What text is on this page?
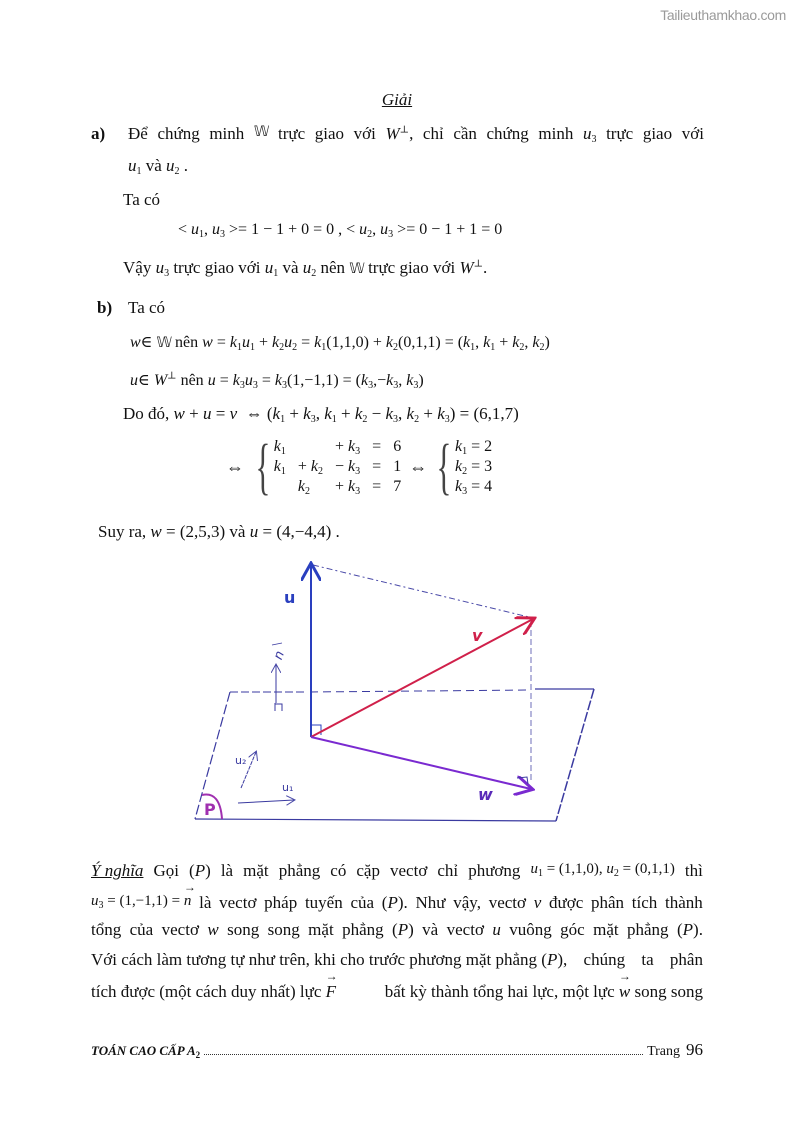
Tailieuthamkhao.com
Giải
a) Để chứng minh 𝕎 trực giao với W⊥, chỉ cần chứng minh $u_3$ trực giao với
$u_1$ và $u_2$ .
Ta có
< $u_1$, $u_3 >= 1 - 1 + 0 = 0$ , < $u_2$, $u_3 >= 0 - 1 + 1 = 0$
Vậy $u_3$ trực giao với $u_1$ và $u_2$ nên 𝕎 trực giao với W⊥.
b) Ta có
w∈ 𝕎 nên $w = k_1u_1 + k_2u_2 = k_1(1,1,0) + k_2(0,1,1) = (k_1$, $k_1 + k_2$, $k_2$)
u∈ W⊥ nên $u = k_3u_3 = k_3(1,-1,1) = (k_3,-k_3$, $k_3$)
Do đó, w + u = v  ⇔ ($k_1 + k_3$, $k_1 + k_2 - k_3$, $k_2 + k_3) = (6,1,7)$
⇔ { $k_1$		+ $k_3$	=	6
$k_1$	+ $k_2$	− $k_3$	=	1
	$k_2$	+ $k_3$	=	7
⇔ { $k_1 = 2$
$k_2 = 3$
$k_3 = 4$
Suy ra, w = (2,5,3) và u = (4,−4,4) .
u
v
w
n
u₂
u₁
P
Ý nghĩa Gọi (P) là mặt phẳng có cặp vectơ chỉ phương $u_1 = (1,1,0)$, $u_2 = (0,1,1)$ thì
$u_3 = (1,-1,1)$ = → n là vectơ pháp tuyến của (P). Như vậy, vectơ v được phân tích thành
tổng của vectơ w song song mặt phẳng (P) và vectơ u vuông góc mặt phẳng (P).
Với cách làm tương tự như trên, khi cho trước phương mặt phẳng (P), chúng ta phân
tích được (một cách duy nhất) lực → F	bất kỳ thành tổng hai lực, một lực → w song song
TOÁN CAO CẤP $A_2$	Trang 96
